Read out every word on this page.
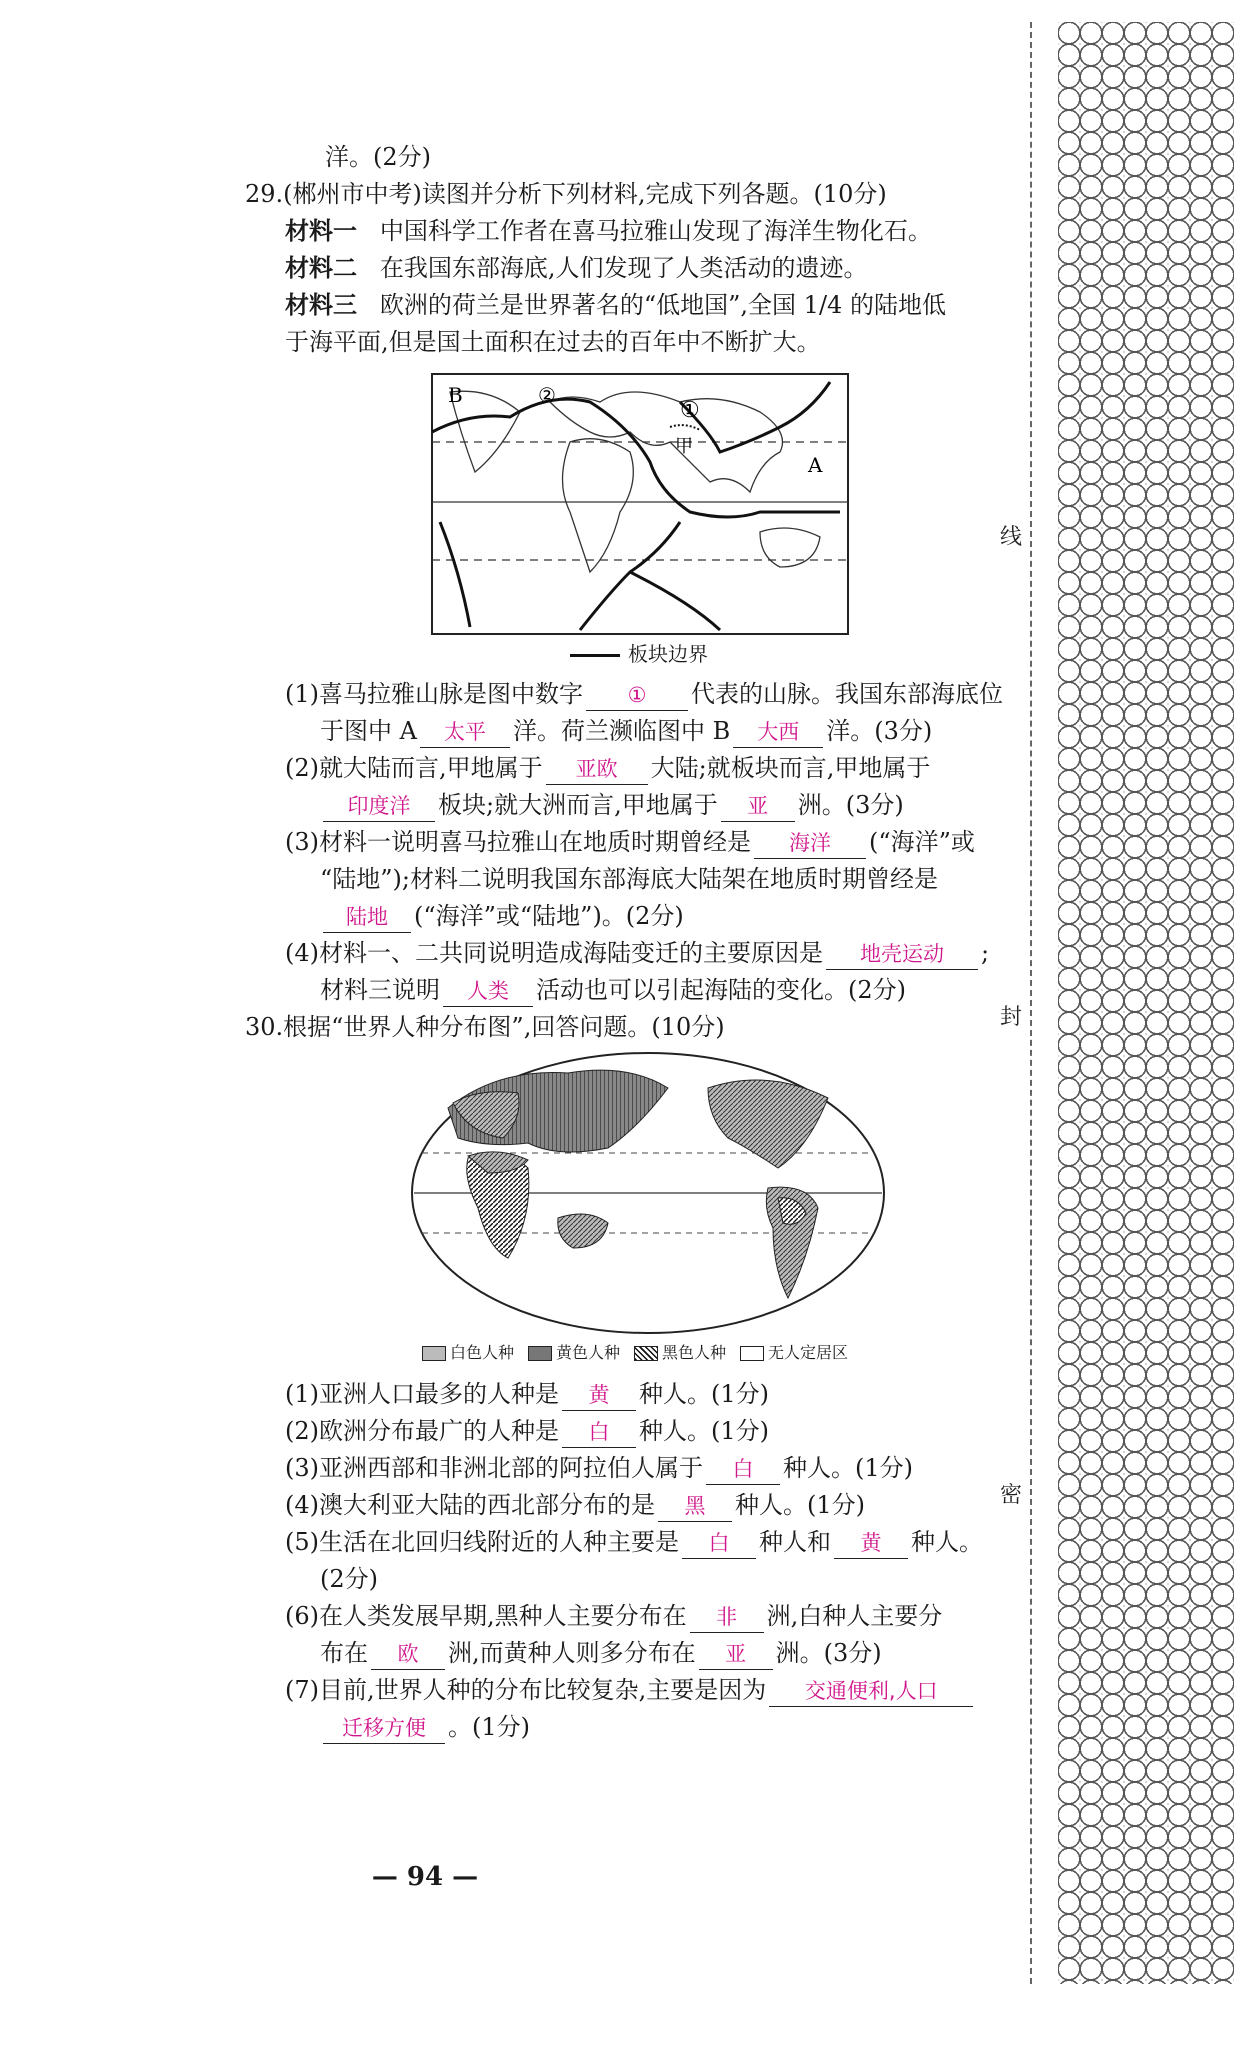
线
封
密
洋。(2分)
29.(郴州市中考)读图并分析下列材料,完成下列各题。(10分)
材料一 中国科学工作者在喜马拉雅山发现了海洋生物化石。
材料二 在我国东部海底,人们发现了人类活动的遗迹。
材料三 欧洲的荷兰是世界著名的“低地国”,全国 1/4 的陆地低
于海平面,但是国土面积在过去的百年中不断扩大。
B	②
①
甲
A
板块边界
(1)喜马拉雅山脉是图中数字 ① 代表的山脉。我国东部海底位
于图中 A 太平 洋。荷兰濒临图中 B 大西 洋。(3分)
(2)就大陆而言,甲地属于 亚欧 大陆;就板块而言,甲地属于
印度洋 板块;就大洲而言,甲地属于 亚 洲。(3分)
(3)材料一说明喜马拉雅山在地质时期曾经是 海洋 (“海洋”或
“陆地”);材料二说明我国东部海底大陆架在地质时期曾经是
陆地 (“海洋”或“陆地”)。(2分)
(4)材料一、二共同说明造成海陆变迁的主要原因是 地壳运动 ;
材料三说明 人类 活动也可以引起海陆的变化。(2分)
30.根据“世界人种分布图”,回答问题。(10分)
白色人种	黄色人种	黑色人种	无人定居区
(1)亚洲人口最多的人种是 黄 种人。(1分)
(2)欧洲分布最广的人种是 白 种人。(1分)
(3)亚洲西部和非洲北部的阿拉伯人属于 白 种人。(1分)
(4)澳大利亚大陆的西北部分布的是 黑 种人。(1分)
(5)生活在北回归线附近的人种主要是 白 种人和 黄 种人。
(2分)
(6)在人类发展早期,黑种人主要分布在 非 洲,白种人主要分
布在 欧 洲,而黄种人则多分布在 亚 洲。(3分)
(7)目前,世界人种的分布比较复杂,主要是因为 交通便利,人口
迁移方便 。(1分)
— 94 —
